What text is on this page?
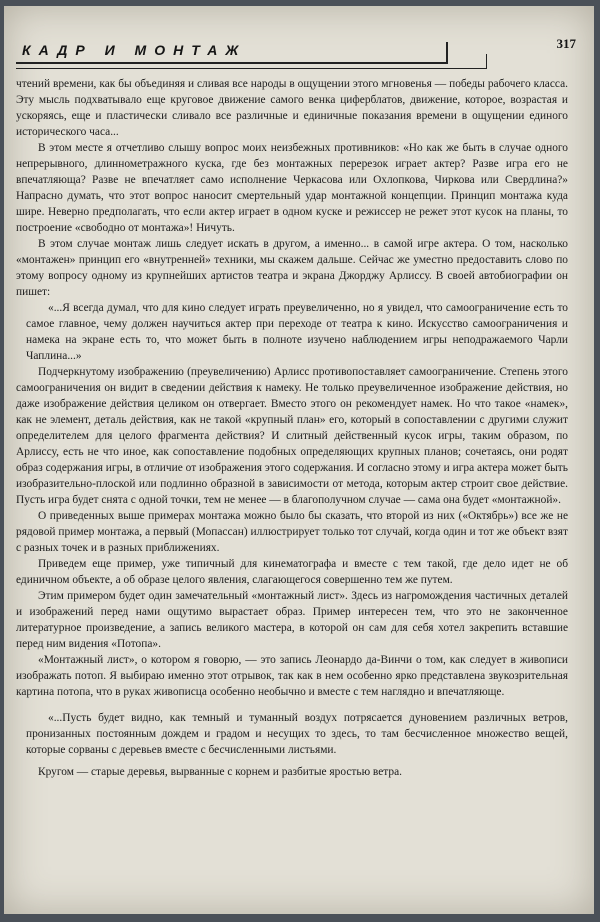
КАДР И МОНТАЖ	317

чтений времени, как бы объединяя и сливая все народы в ощущении этого мгновенья — победы рабочего класса. Эту мысль подхватывало еще круговое движение самого венка циферблатов, движение, которое, возрастая и ускоряясь, еще и пластически сливало все различные и единичные показания времени в ощущении единого исторического часа...

В этом месте я отчетливо слышу вопрос моих неизбежных противников: «Но как же быть в случае одного непрерывного, длинномeтражного куска, где без монтажных перерезок играет актер? Разве игра его не впечатляюща? Разве не впечатляет само исполнение Черкасова или Охлопкова, Чиркова или Свердлина?» Напрасно думать, что этот вопрос наносит смертельный удар монтажной концепции. Принцип монтажа куда шире. Неверно предполагать, что если актер играет в одном куске и режиссер не режет этот кусок на планы, то построение «свободно от монтажа»! Ничуть.

В этом случае монтаж лишь следует искать в другом, а именно... в самой игре актера. О том, насколько «монтажен» принцип его «внутренней» техники, мы скажем дальше. Сейчас же уместно предоставить слово по этому вопросу одному из крупнейших артистов театра и экрана Джорджу Арлиссу. В своей автобиографии он пишет:

«...Я всегда думал, что для кино следует играть преувеличенно, но я увидел, что самоограничение есть то самое главное, чему должен научиться актер при переходе от театра к кино. Искусство самоограничения и намека на экране есть то, что может быть в полноте изучено наблюдением игры неподражаемого Чарли Чаплина...»

Подчеркнутому изображению (преувеличению) Арлисс противопоставляет самоограничение. Степень этого самоограничения он видит в сведении действия к намеку. Не только преувеличенное изображение действия, но даже изображение действия целиком он отвергает. Вместо этого он рекомендует намек. Но что такое «намек», как не элемент, деталь действия, как не такой «крупный план» его, который в сопоставлении с другими служит определителем для целого фрагмента действия? И слитный действенный кусок игры, таким образом, по Арлиссу, есть не что иное, как сопоставление подобных определяющих крупных планов; сочетаясь, они родят образ содержания игры, в отличие от изображения этого содержания. И согласно этому и игра актера может быть изобразительно-плоской или подлинно образной в зависимости от метода, которым актер строит свое действие. Пусть игра будет снята с одной точки, тем не менее — в благополучном случае — сама она будет «монтажной».

О приведенных выше примерах монтажа можно было бы сказать, что второй из них («Октябрь») все же не рядовой пример монтажа, а первый (Мопассан) иллюстрирует только тот случай, когда один и тот же объект взят с разных точек и в разных приближениях.

Приведем еще пример, уже типичный для кинематографа и вместе с тем такой, где дело идет не об единичном объекте, а об образе целого явления, слагающегося совершенно тем же путем.

Этим примером будет один замечательный «монтажный лист». Здесь из нагромождения частичных деталей и изображений перед нами ощутимо вырастает образ. Пример интересен тем, что это не законченное литературное произведение, а запись великого мастера, в которой он сам для себя хотел закрепить вставшие перед ним видения «Потопа».

«Монтажный лист», о котором я говорю, — это запись Леонардо да-Винчи о том, как следует в живописи изображать потоп. Я выбираю именно этот отрывок, так как в нем особенно ярко представлена звукозрительная картина потопа, что в руках живописца особенно необычно и вместе с тем наглядно и впечатляюще.

«...Пусть будет видно, как темный и туманный воздух потрясается дуновением различных ветров, пронизанных постоянным дождем и градом и несущих то здесь, то там бесчисленное множество вещей, которые сорваны с деревьев вместе с бесчисленными листьями.

Кругом — старые деревья, вырванные с корнем и разбитые яростью ветра.
